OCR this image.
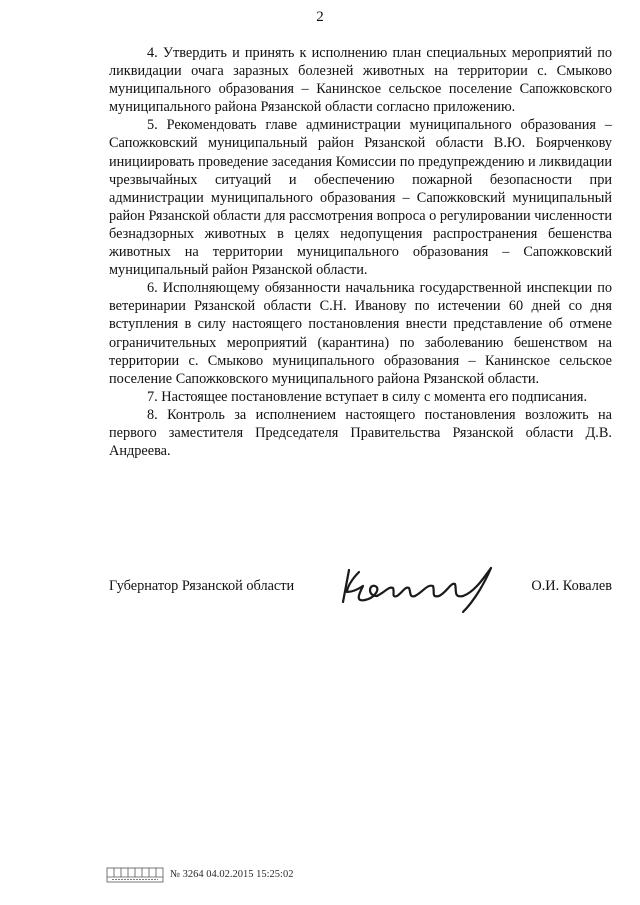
2

4. Утвердить и принять к исполнению план специальных мероприятий по ликвидации очага заразных болезней животных на территории с. Смыково муниципального образования – Канинское сельское поселение Сапожковского муниципального района Рязанской области согласно приложению.

5. Рекомендовать главе администрации муниципального образования – Сапожковский муниципальный район Рязанской области В.Ю. Боярченкову инициировать проведение заседания Комиссии по предупреждению и ликвидации чрезвычайных ситуаций и обеспечению пожарной безопасности при администрации муниципального образования – Сапожковский муниципальный район Рязанской области для рассмотрения вопроса о регулировании численности безнадзорных животных в целях недопущения распространения бешенства животных на территории муниципального образования – Сапожковский муниципальный район Рязанской области.

6. Исполняющему обязанности начальника государственной инспекции по ветеринарии Рязанской области С.Н. Иванову по истечении 60 дней со дня вступления в силу настоящего постановления внести представление об отмене ограничительных мероприятий (карантина) по заболеванию бешенством на территории с. Смыково муниципального образования – Канинское сельское поселение Сапожковского муниципального района Рязанской области.

7. Настоящее постановление вступает в силу с момента его подписания.

8. Контроль за исполнением настоящего постановления возложить на первого заместителя Председателя Правительства Рязанской области Д.В. Андреева.

Губернатор Рязанской области	О.И. Ковалев
№ 3264 04.02.2015 15:25:02
